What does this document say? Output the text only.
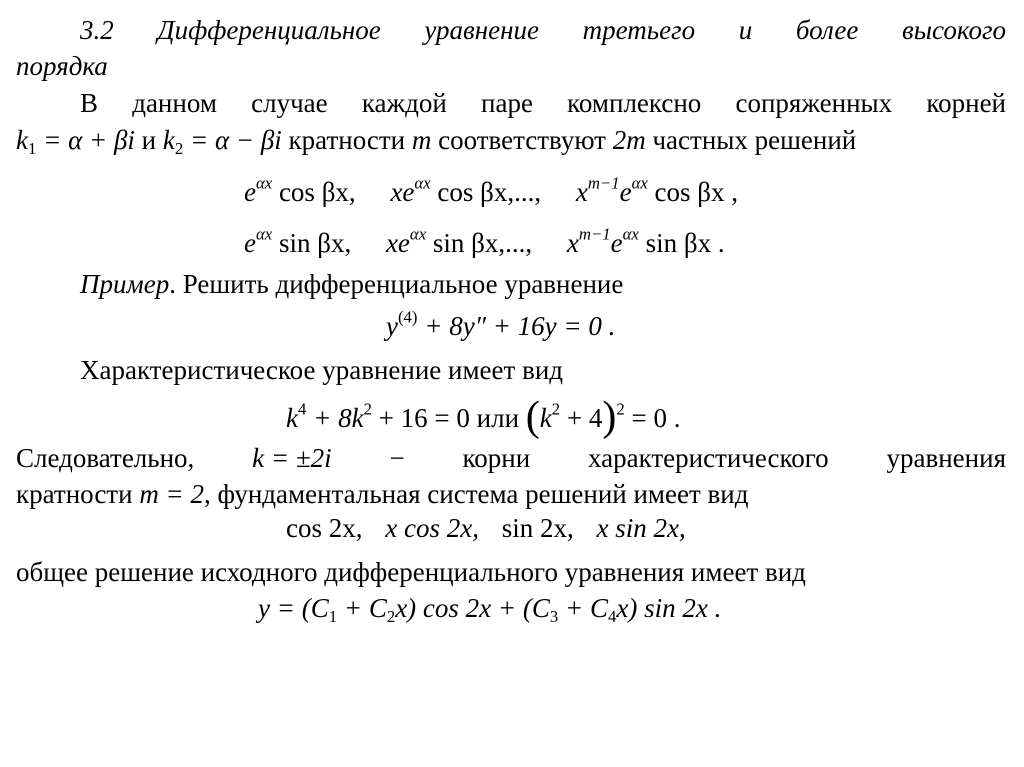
3.2 Дифференциальное уравнение третьего и более высокого
порядка
В данном случае каждой паре комплексно сопряженных корней
$k_1 = \alpha + \beta i$ и $k_2 = \alpha - \beta i$ кратности m соответствуют 2m частных решений
$e^{\alpha x}$ cos βx, $xe^{\alpha x}$ cos βx,..., $x^{m-1}e^{\alpha x}$ cos βx ,
$e^{\alpha x}$ sin βx, $xe^{\alpha x}$ sin βx,..., $x^{m-1}e^{\alpha x}$ sin βx .
Пример. Решить дифференциальное уравнение
$y^{(4)} + 8y'' + 16y = 0$ .
Характеристическое уравнение имеет вид
$k^4 + 8k^2 + 16 = 0$ или $(k^2 + 4)^2 = 0$ .
Следовательно, k = ±2i − корни характеристического уравнения
кратности m = 2, фундаментальная система решений имеет вид
cos 2x, x cos 2x, sin 2x, x sin 2x,
общее решение исходного дифференциального уравнения имеет вид
$y = (C_1 + C_2x)$ $\cos 2x + (C_3 + C_4x)$ sin 2x .
